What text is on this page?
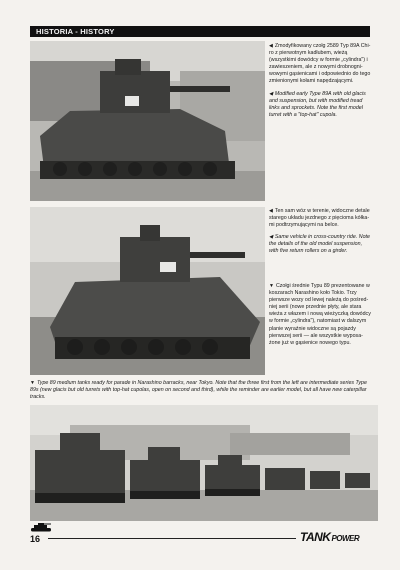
HISTORIA - HISTORY

◀ Zmodyfikowany czołg 2589 Typ 89A Chi-ro z pierwotnym kadłubem, wieżą (wszystkimi dowódcy w formie „cylindra") i zawieszeniem, ale z nowymi drobnogni-wowymi gąsienicami i odpowiednio do tego zmienionymi kołami napędzającymi.

◀ Modified early Type 89A with old glacis and suspension, but with modified tread links and sprockets. Note the first model turret with a "top-hat" cupola.

◀ Ten sam wóz w terenie, widoczne detale starego układu jezdnego z pięcioma kółka-mi podtrzymującymi na belce.

◀ Same vehicle in cross-country ride. Note the details of the old model suspension, with five return rollers on a girder.

▼ Czołgi średnie Typu 89 prezentowane w koszarach Narashino koło Tokio. Trzy pierwsze wozy od lewej należą do pośred-niej serii (nowe przednie płyty, ale stara wieża z włazem i nową wieżyczką dowódcy w formie „cylindra"), natomiast w dalszym planie wyraźnie widoczne są pojazdy pierwszej serii — ale wszystkie wyposa-żone już w gąsienice nowego typu.

▼ Type 89 medium tanks ready for parade in Narashino barracks, near Tokyo. Note that the three first from the left are intermediate series Type 89s (new glacis but old turrets with top-hat cupolas, open on second and third), while the reminder are earlier model, but all have new caterpillar tracks.
16	TANKPOWER
